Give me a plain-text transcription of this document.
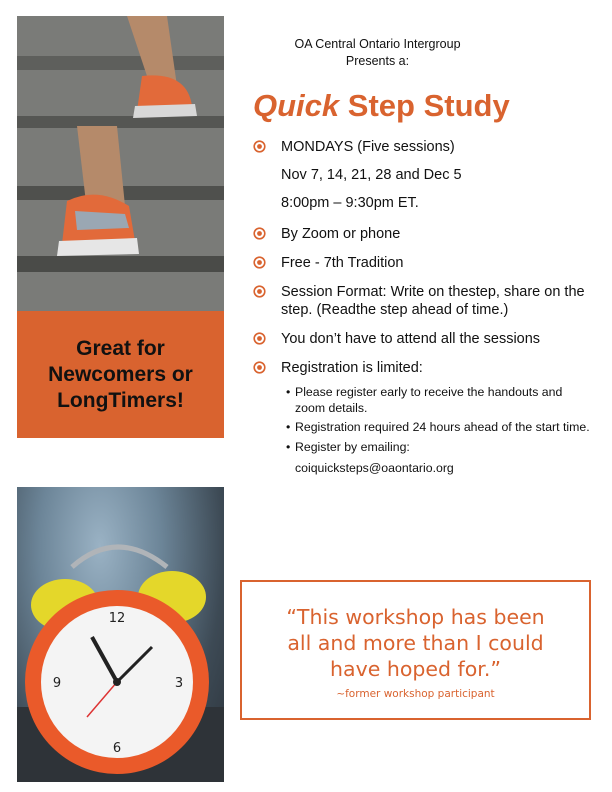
Great for
Newcomers or
LongTimers!
12
3
6
9
OA Central Ontario Intergroup
Presents a:
Quick Step Study
MONDAYS (Five sessions)
Nov 7, 14, 21, 28 and Dec 5
8:00pm – 9:30pm ET.
By Zoom or phone
Free - 7th Tradition
Session Format: Write on thestep, share on the step. (Readthe step ahead of time.)
You don’t have to attend all the sessions
Registration is limited:
• Please register early to receive the handouts and zoom details.
• Registration required 24 hours ahead of the start time.
• Register by emailing:
coiquicksteps@oaontario.org
“This workshop has been
all and more than I could
have hoped for.”
~former workshop participant
